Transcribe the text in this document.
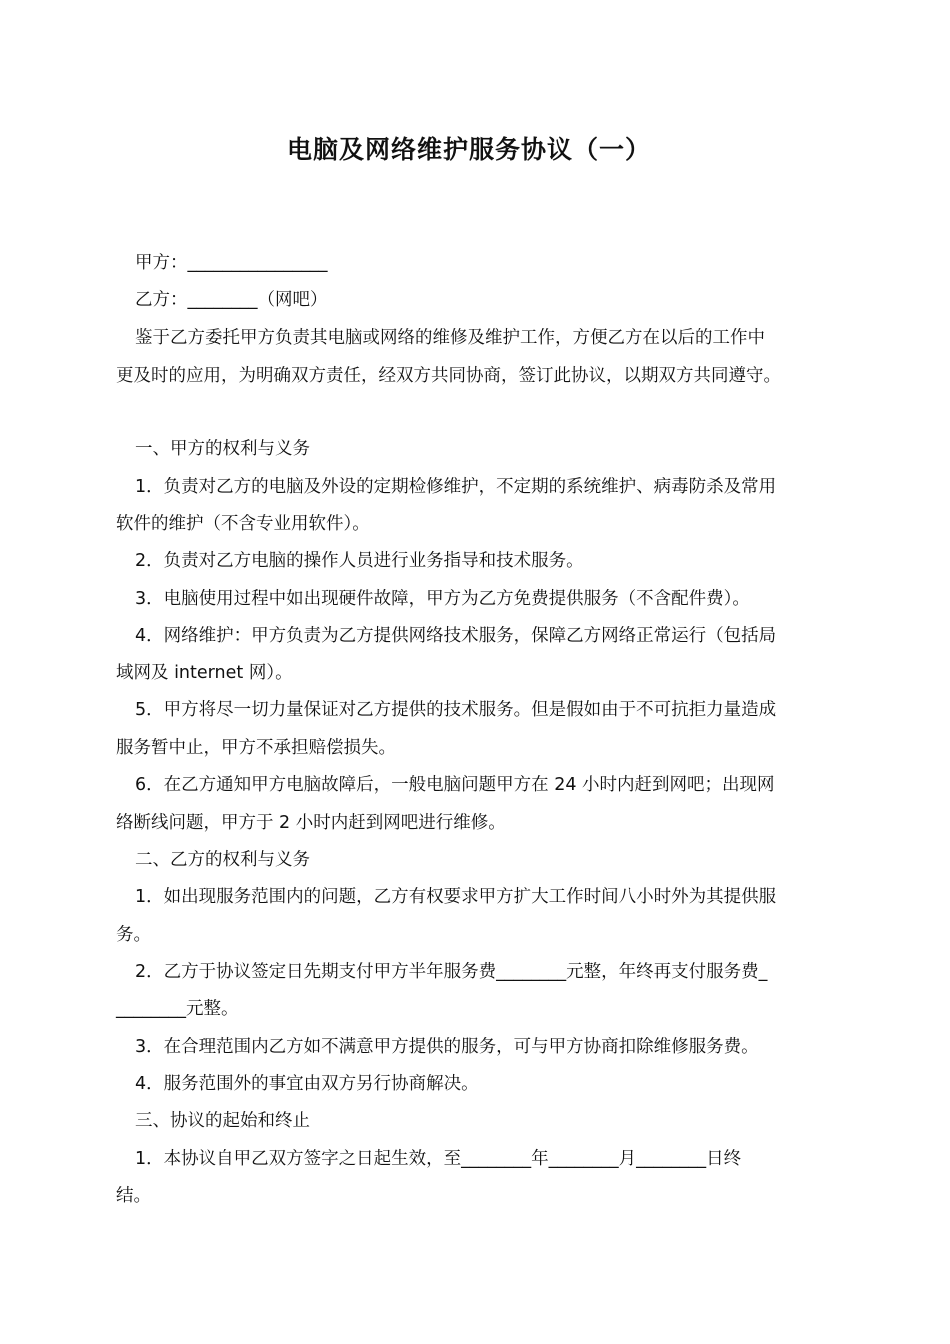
电脑及网络维护服务协议（一）
甲方：________________
乙方：________（网吧）
鉴于乙方委托甲方负责其电脑或网络的维修及维护工作，方便乙方在以后的工作中
更及时的应用，为明确双方责任，经双方共同协商，签订此协议，以期双方共同遵守。
一、甲方的权利与义务
1．负责对乙方的电脑及外设的定期检修维护，不定期的系统维护、病毒防杀及常用
软件的维护（不含专业用软件）。
2．负责对乙方电脑的操作人员进行业务指导和技术服务。
3．电脑使用过程中如出现硬件故障，甲方为乙方免费提供服务（不含配件费）。
4．网络维护：甲方负责为乙方提供网络技术服务，保障乙方网络正常运行（包括局
域网及 internet 网）。
5．甲方将尽一切力量保证对乙方提供的技术服务。但是假如由于不可抗拒力量造成
服务暂中止，甲方不承担赔偿损失。
6．在乙方通知甲方电脑故障后，一般电脑问题甲方在 24 小时内赶到网吧；出现网
络断线问题，甲方于 2 小时内赶到网吧进行维修。
二、乙方的权利与义务
1．如出现服务范围内的问题，乙方有权要求甲方扩大工作时间八小时外为其提供服
务。
2．乙方于协议签定日先期支付甲方半年服务费________元整，年终再支付服务费_
________元整。
3．在合理范围内乙方如不满意甲方提供的服务，可与甲方协商扣除维修服务费。
4．服务范围外的事宜由双方另行协商解决。
三、协议的起始和终止
1．本协议自甲乙双方签字之日起生效，至________年________月________日终
结。
